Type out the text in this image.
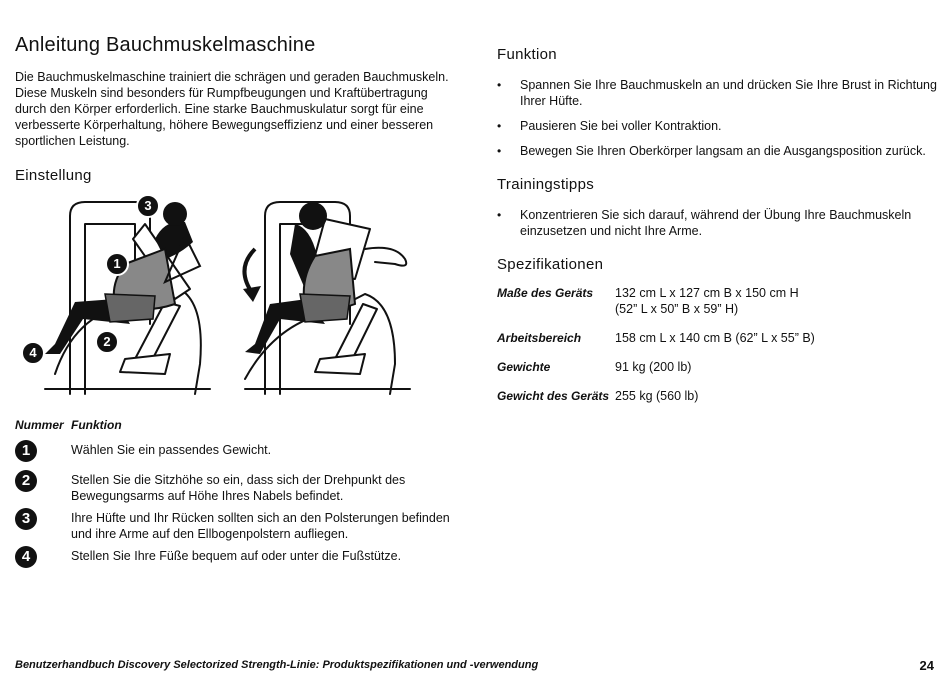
Anleitung Bauchmuskelmaschine

Die Bauchmuskelmaschine trainiert die schrägen und geraden Bauchmuskeln. Diese Muskeln sind besonders für Rumpfbeugungen und Kraftübertragung durch den Körper erforderlich. Eine starke Bauchmuskulatur sorgt für eine verbesserte Körperhaltung, höhere Bewegungseffizienz und einer besseren sportlichen Leistung.

Einstellung
1
2
3
4
Nummer Funktion
1	Wählen Sie ein passendes Gewicht.
2	Stellen Sie die Sitzhöhe so ein, dass sich der Drehpunkt des Bewegungsarms auf Höhe Ihres Nabels befindet.
3	Ihre Hüfte und Ihr Rücken sollten sich an den Polsterungen befinden und ihre Arme auf den Ellbogenpolstern aufliegen.
4	Stellen Sie Ihre Füße bequem auf oder unter die Fußstütze.
Funktion
• Spannen Sie Ihre Bauchmuskeln an und drücken Sie Ihre Brust in Richtung Ihrer Hüfte.
• Pausieren Sie bei voller Kontraktion.
• Bewegen Sie Ihren Oberkörper langsam an die Ausgangsposition zurück.
Trainingstipps
• Konzentrieren Sie sich darauf, während der Übung Ihre Bauchmuskeln einzusetzen und nicht Ihre Arme.
Spezifikationen
Maße des Geräts	132 cm L x 127 cm B x 150 cm H
(52” L x 50” B x 59” H)

Arbeitsbereich	158 cm L x 140 cm B (62” L x 55” B)
Gewichte	91 kg (200 lb)
Gewicht des Geräts	255 kg (560 lb)
Benutzerhandbuch Discovery Selectorized Strength-Linie: Produktspezifikationen und -verwendung	24
